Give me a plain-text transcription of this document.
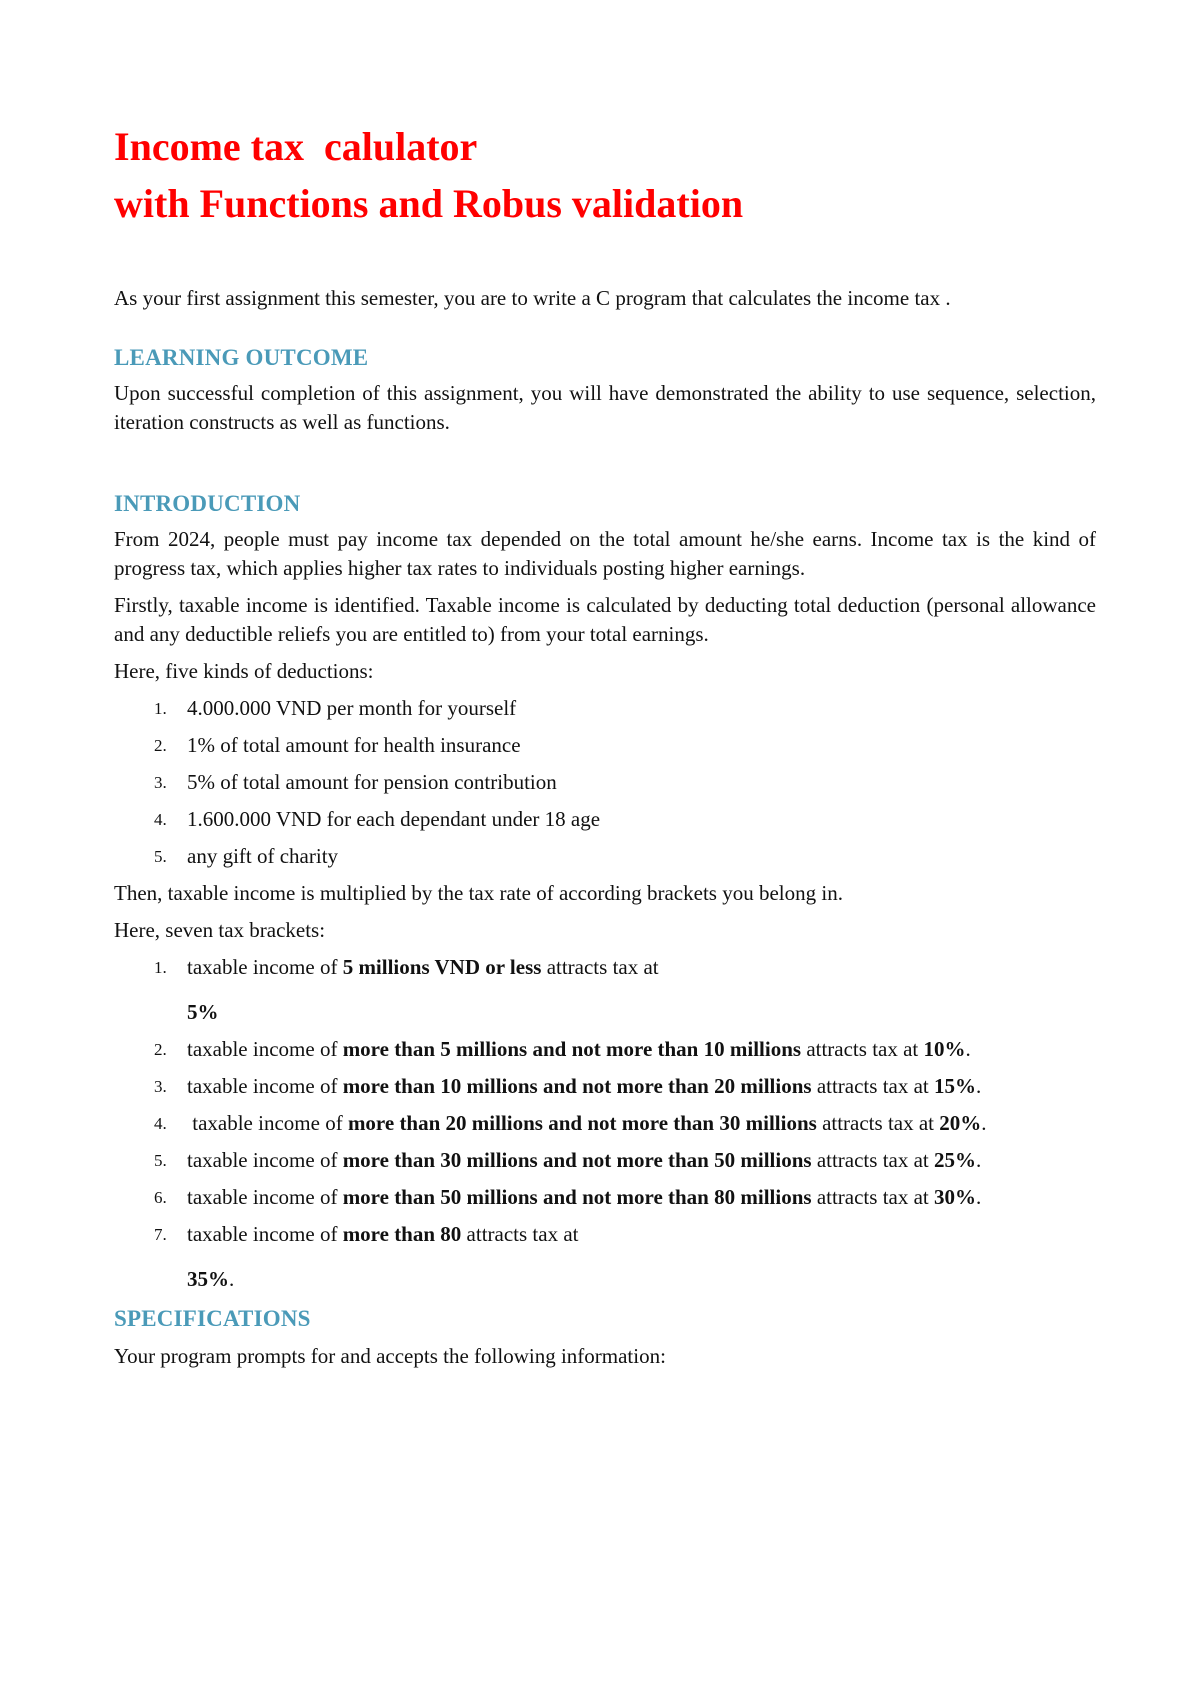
Income tax  calulator
with Functions and Robus validation

As your first assignment this semester, you are to write a C program that calculates the income tax .

LEARNING OUTCOME

Upon successful completion of this assignment, you will have demonstrated the ability to use sequence, selection, iteration constructs as well as functions.

INTRODUCTION

From 2024, people must pay income tax depended on the total amount he/she earns. Income tax is the kind of progress tax, which applies higher tax rates to individuals posting higher earnings.

Firstly, taxable income is identified. Taxable income is calculated by deducting total deduction (personal allowance and any deductible reliefs you are entitled to) from your total earnings.

Here, five kinds of deductions:

1. 4.000.000 VND per month for yourself
2. 1% of total amount for health insurance
3. 5% of total amount for pension contribution
4. 1.600.000 VND for each dependant under 18 age
5. any gift of charity

Then, taxable income is multiplied by the tax rate of according brackets you belong in.

Here, seven tax brackets:

1. taxable income of 5 millions VND or less attracts tax at
5%
2. taxable income of more than 5 millions and not more than 10 millions attracts tax at 10%.
3. taxable income of more than 10 millions and not more than 20 millions attracts tax at 15%.
4. taxable income of more than 20 millions and not more than 30 millions attracts tax at 20%.
5. taxable income of more than 30 millions and not more than 50 millions attracts tax at 25%.
6. taxable income of more than 50 millions and not more than 80 millions attracts tax at 30%.
7. taxable income of more than 80 attracts tax at
35%.
SPECIFICATIONS

Your program prompts for and accepts the following information:
